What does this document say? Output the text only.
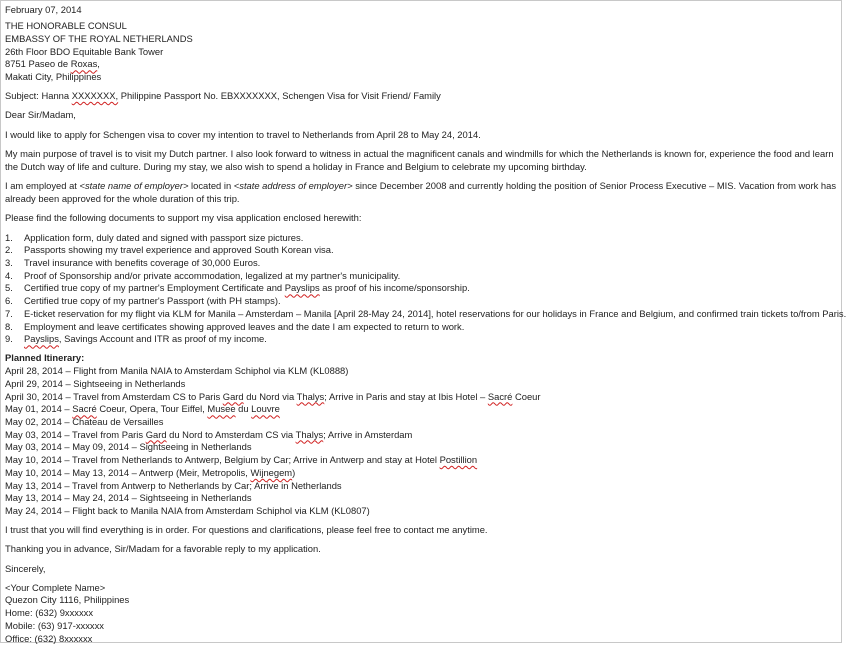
February 07, 2014
THE HONORABLE CONSUL
EMBASSY OF THE ROYAL NETHERLANDS
26th Floor BDO Equitable Bank Tower
8751 Paseo de Roxas,
Makati City, Philippines
Subject: Hanna XXXXXXX, Philippine Passport No. EBXXXXXXX, Schengen Visa for Visit Friend/ Family
Dear Sir/Madam,
I would like to apply for Schengen visa to cover my intention to travel to Netherlands from April 28 to May 24, 2014.
My main purpose of travel is to visit my Dutch partner. I also look forward to witness in actual the magnificent canals and windmills for which the Netherlands is known for, experience the food and learn the Dutch way of life and culture. During my stay, we also wish to spend a holiday in France and Belgium to celebrate my upcoming birthday.
I am employed at <state name of employer> located in <state address of employer> since December 2008 and currently holding the position of Senior Process Executive – MIS. Vacation from work has already been approved for the whole duration of this trip.
Please find the following documents to support my visa application enclosed herewith:
1.	Application form, duly dated and signed with passport size pictures.
2.	Passports showing my travel experience and approved South Korean visa.
3.	Travel insurance with benefits coverage of 30,000 Euros.
4.	Proof of Sponsorship and/or private accommodation, legalized at my partner's municipality.
5.	Certified true copy of my partner's Employment Certificate and Payslips as proof of his income/sponsorship.
6.	Certified true copy of my partner's Passport (with PH stamps).
7.	E-ticket reservation for my flight via KLM for Manila – Amsterdam – Manila [April 28-May 24, 2014], hotel reservations for our holidays in France and Belgium, and confirmed train tickets to/from Paris.
8.	Employment and leave certificates showing approved leaves and the date I am expected to return to work.
9.	Payslips, Savings Account and ITR as proof of my income.
Planned Itinerary:
April 28, 2014 – Flight from Manila NAIA to Amsterdam Schiphol via KLM (KL0888)
April 29, 2014 – Sightseeing in Netherlands
April 30, 2014 – Travel from Amsterdam CS to Paris Gard du Nord via Thalys; Arrive in Paris and stay at Ibis Hotel – Sacré Coeur
May 01, 2014 – Sacré Coeur, Opera, Tour Eiffel, Musee du Louvre
May 02, 2014 – Chateau de Versailles
May 03, 2014 – Travel from Paris Gard du Nord to Amsterdam CS via Thalys; Arrive in Amsterdam
May 03, 2014 – May 09, 2014 – Sightseeing in Netherlands
May 10, 2014 – Travel from Netherlands to Antwerp, Belgium by Car; Arrive in Antwerp and stay at Hotel Postillion
May 10, 2014 – May 13, 2014 – Antwerp (Meir, Metropolis, Wijnegem)
May 13, 2014 – Travel from Antwerp to Netherlands by Car; Arrive in Netherlands
May 13, 2014 – May 24, 2014 – Sightseeing in Netherlands
May 24, 2014 – Flight back to Manila NAIA from Amsterdam Schiphol via KLM (KL0807)
I trust that you will find everything is in order. For questions and clarifications, please feel free to contact me anytime.
Thanking you in advance, Sir/Madam for a favorable reply to my application.
Sincerely,
<Your Complete Name>
Quezon City 1116, Philippines
Home: (632) 9xxxxxx
Mobile: (63) 917-xxxxxx
Office: (632) 8xxxxxx
